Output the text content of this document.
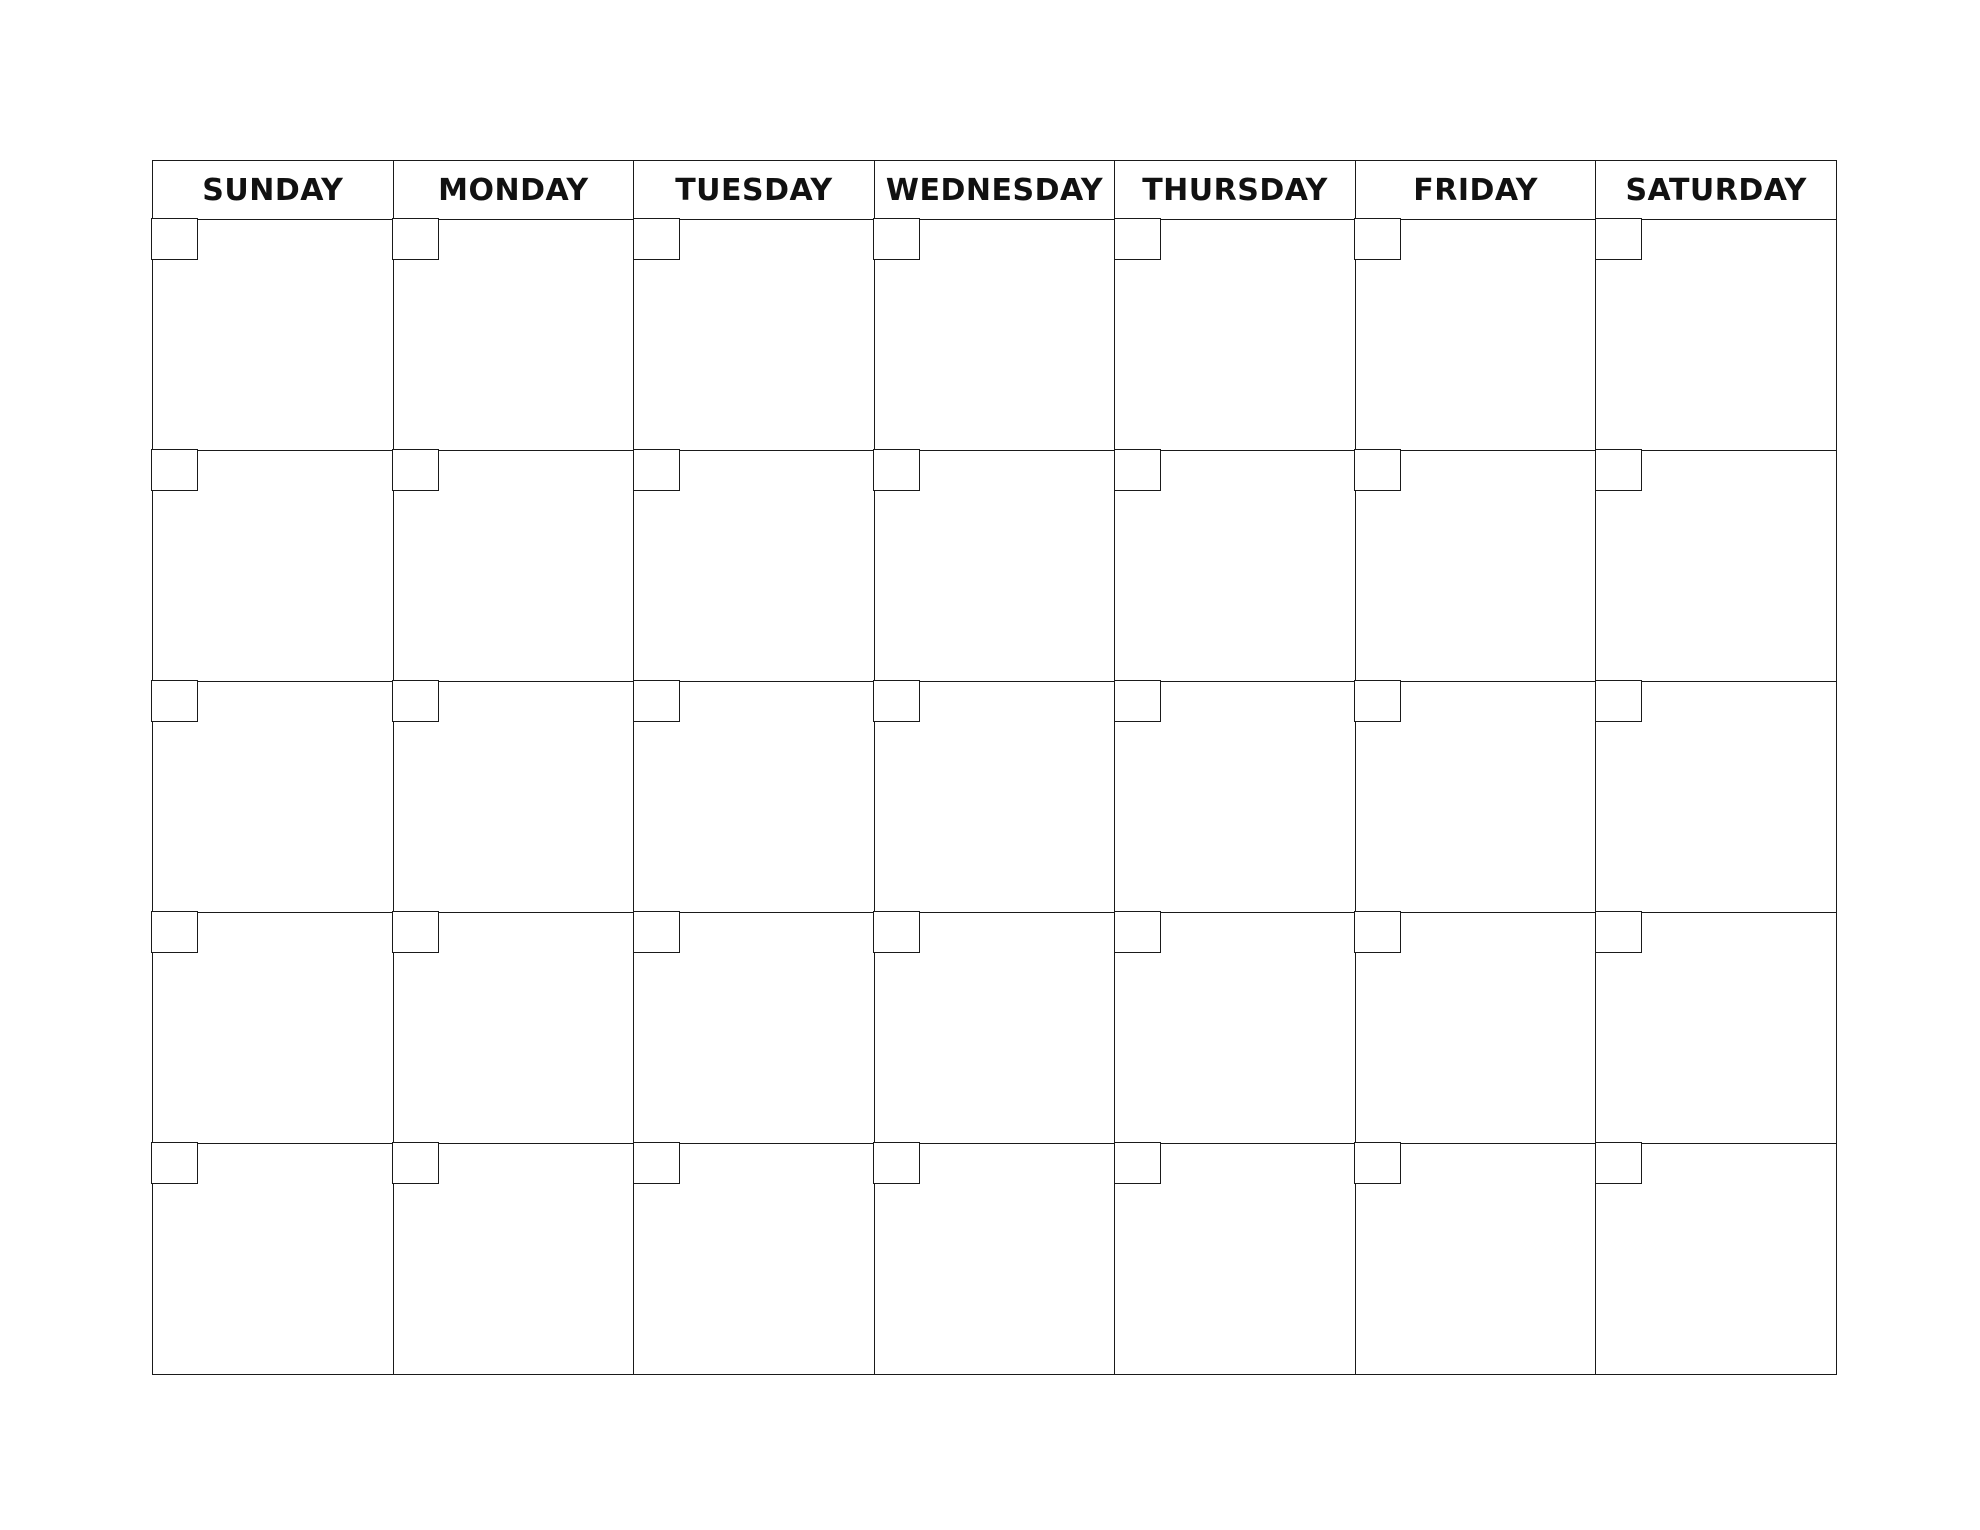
SUNDAY	MONDAY	TUESDAY	WEDNESDAY	THURSDAY	FRIDAY	SATURDAY
